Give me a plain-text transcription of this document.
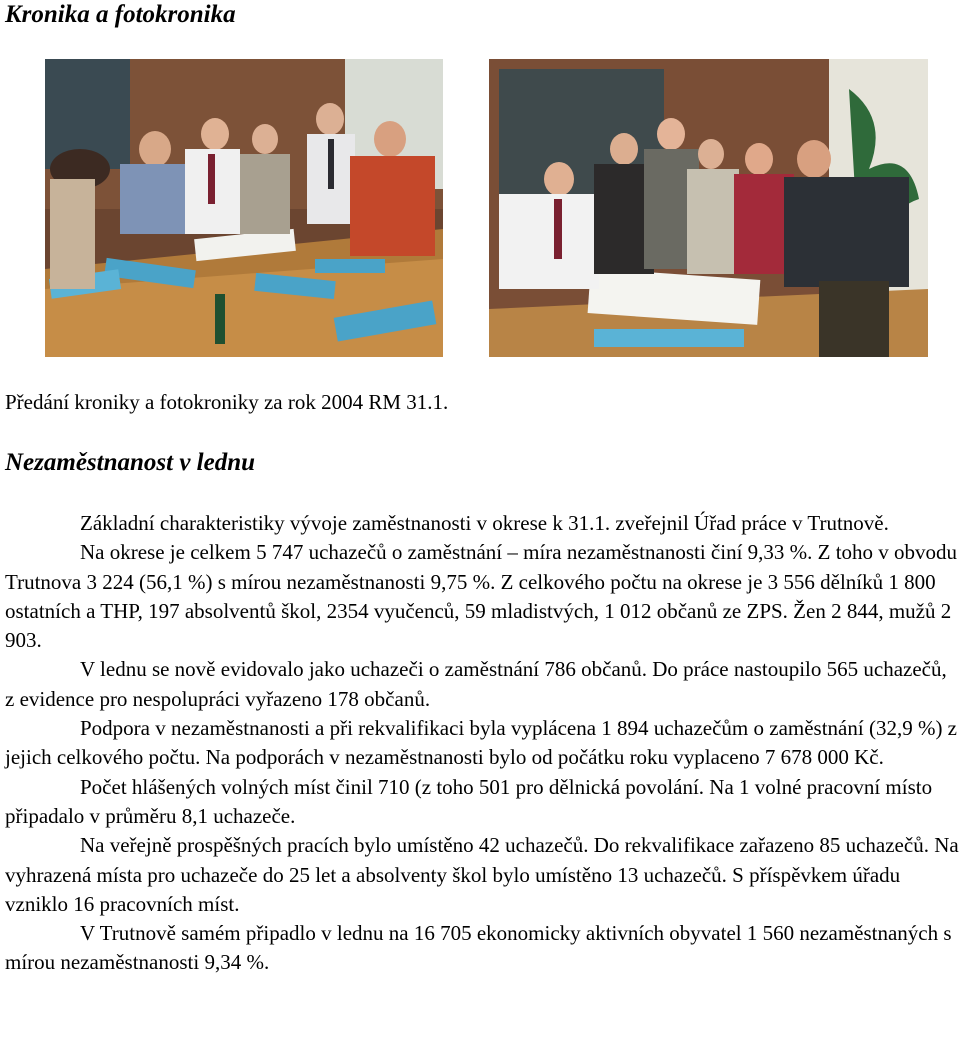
Kronika a fotokronika

Předání kroniky a fotokroniky za rok 2004 RM 31.1.

Nezaměstnanost v lednu

Základní charakteristiky vývoje zaměstnanosti v okrese k 31.1. zveřejnil Úřad práce v Trutnově.

Na okrese je celkem 5 747 uchazečů o zaměstnání – míra nezaměstnanosti činí 9,33 %. Z toho v obvodu Trutnova 3 224 (56,1 %) s mírou nezaměstnanosti 9,75 %. Z celkového počtu na okrese je 3 556 dělníků 1 800 ostatních a THP, 197 absolventů škol, 2354 vyučenců, 59 mladistvých, 1 012 občanů ze ZPS. Žen 2 844, mužů 2 903.

V lednu se nově evidovalo jako uchazeči o zaměstnání 786 občanů. Do práce nastoupilo 565 uchazečů, z evidence pro nespolupráci vyřazeno 178 občanů.

Podpora v nezaměstnanosti a při rekvalifikaci byla vyplácena 1 894 uchazečům o zaměstnání (32,9 %) z jejich celkového počtu. Na podporách v nezaměstnanosti bylo od počátku roku vyplaceno 7 678 000 Kč.

Počet hlášených volných míst činil 710 (z toho 501 pro dělnická povolání. Na 1 volné pracovní místo připadalo v průměru 8,1 uchazeče.

Na veřejně prospěšných pracích bylo umístěno 42 uchazečů. Do rekvalifikace zařazeno 85 uchazečů. Na vyhrazená místa pro uchazeče do 25 let a absolventy škol bylo umístěno 13 uchazečů. S příspěvkem úřadu vzniklo 16 pracovních míst.

V Trutnově samém připadlo v lednu na 16 705 ekonomicky aktivních obyvatel 1 560 nezaměstnaných s mírou nezaměstnanosti 9,34 %.
